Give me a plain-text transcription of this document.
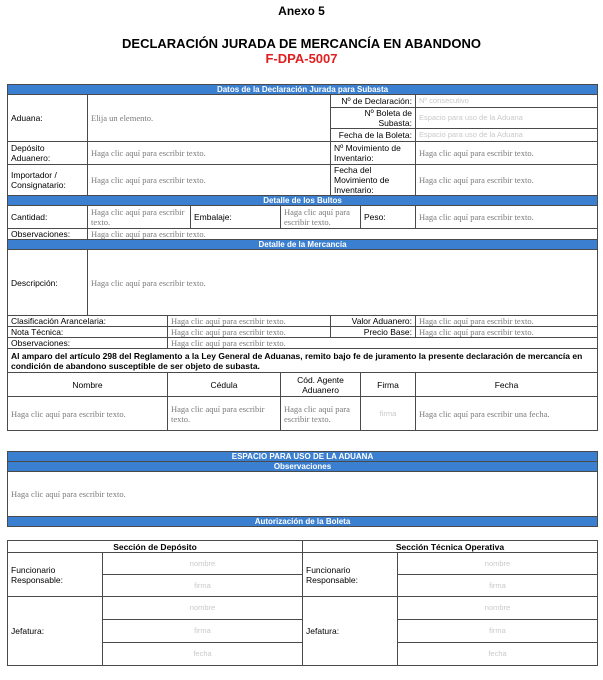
Anexo 5
DECLARACIÓN JURADA DE MERCANCÍA EN ABANDONO
F-DPA-5007
Datos de la Declaración Jurada para Subasta							
Aduana:	Elija un elemento.				Nº de Declaración:		Nº consecutivo
					Nº Boleta de Subasta:		Espacio para uso de la Aduana
					Fecha de la Boleta:		Espacio para uso de la Aduana
Depósito Aduanero:	Haga clic aquí para escribir texto.				Nº Movimiento de Inventario:		Haga clic aquí para escribir texto.
Importador / Consignatario:	Haga clic aquí para escribir texto.				Fecha del Movimiento de Inventario:		Haga clic aquí para escribir texto.
Detalle de los Bultos							
Cantidad:	Haga clic aquí para escribir texto.		Embalaje:	Haga clic aquí para escribir texto.		Peso:	Haga clic aquí para escribir texto.
Observaciones:	Haga clic aquí para escribir texto.						
Detalle de la Mercancía							
Descripción:	Haga clic aquí para escribir texto.						
Clasificación Arancelaria:		Haga clic aquí para escribir texto.			Valor Aduanero:		Haga clic aquí para escribir texto.
Nota Técnica:		Haga clic aquí para escribir texto.			Precio Base:		Haga clic aquí para escribir texto.
Observaciones:		Haga clic aquí para escribir texto.					
Al amparo del artículo 298 del Reglamento a la Ley General de Aduanas, remito bajo fe de juramento la presente declaración de mercancía en condición de abandono susceptible de ser objeto de subasta.							
Nombre		Cédula		Cód. Agente Aduanero		Firma	Fecha
Haga clic aquí para escribir texto.		Haga clic aquí para escribir texto.		Haga clic aquí para escribir texto.		firma	Haga clic aquí para escribir una fecha.
ESPACIO PARA USO DE LA ADUANA			
Observaciones			
Haga clic aquí para escribir texto.			
Autorización de la Boleta			

Sección de Depósito		Sección Técnica Operativa	
Funcionario Responsable:	nombre	Funcionario Responsable:	nombre
	firma		firma
Jefatura:	nombre	Jefatura:	nombre
	firma		firma
	fecha		fecha
